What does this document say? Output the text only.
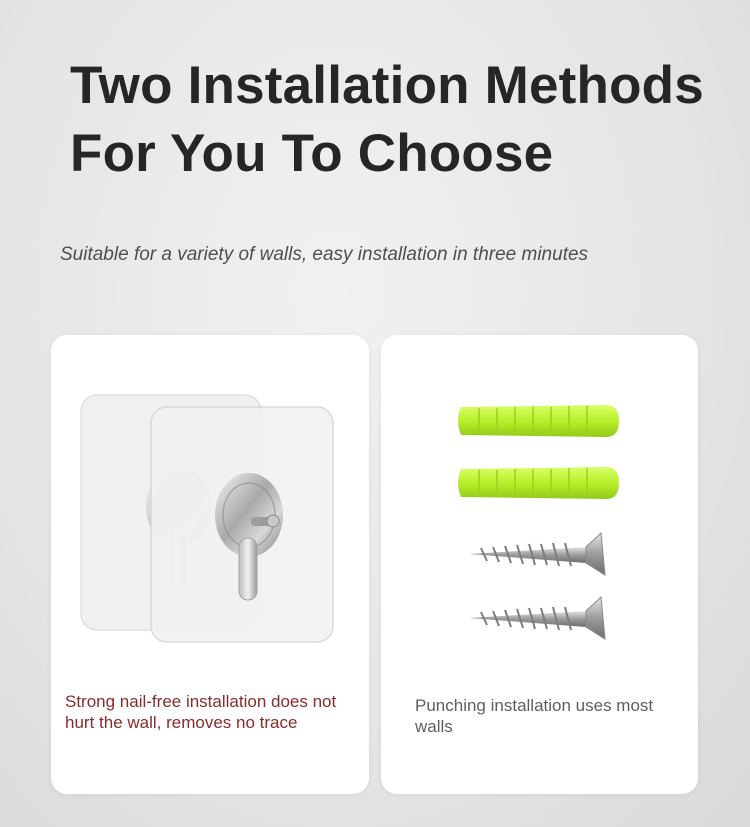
Two Installation Methods
For You To Choose

Suitable for a variety of walls, easy installation in three minutes

Strong nail-free installation does not hurt the wall, removes no trace

Punching installation uses most walls
